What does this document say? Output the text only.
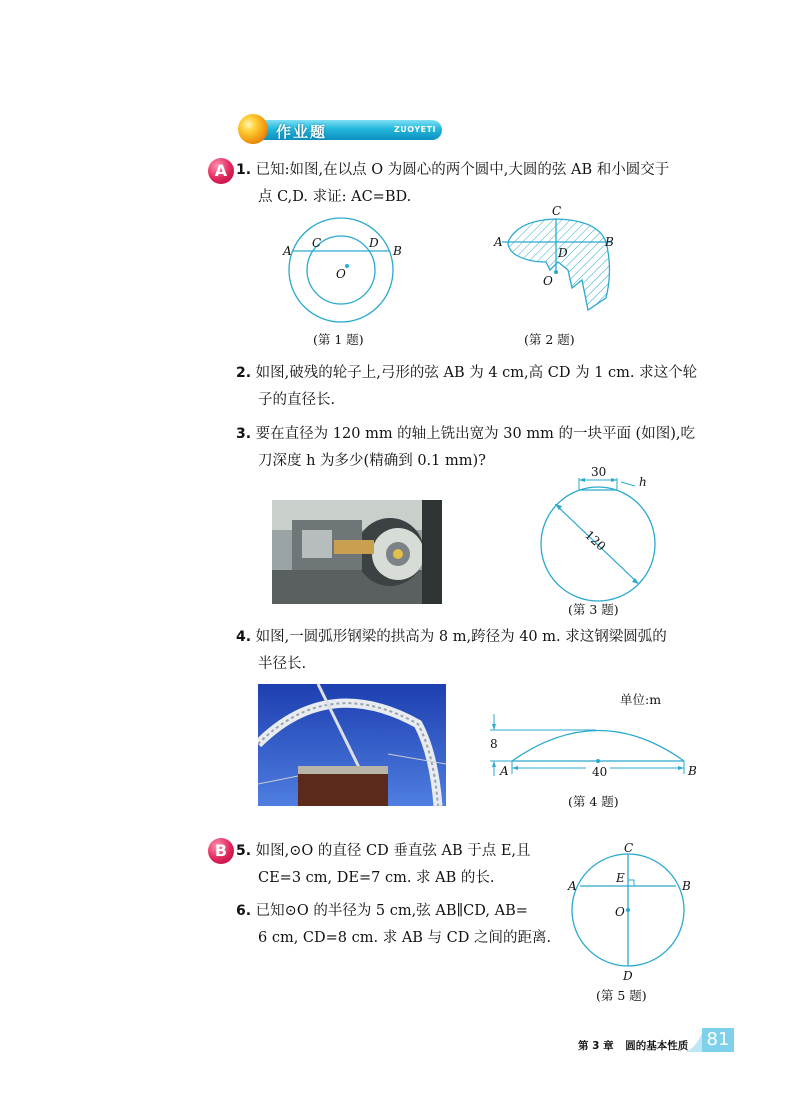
作业题	ZUOYETI
A 1. 已知:如图,在以点 O 为圆心的两个圆中,大圆的弦 AB 和小圆交于
点 C,D. 求证: AC=BD.
A	B
C	D
O
(第 1 题)
A	B
C
D
O
(第 2 题)
2. 如图,破残的轮子上,弓形的弦 AB 为 4 cm,高 CD 为 1 cm. 求这个轮
子的直径长.
3. 要在直径为 120 mm 的轴上铣出宽为 30 mm 的一块平面 (如图),吃
刀深度 h 为多少(精确到 0.1 mm)?
30
h
120
(第 3 题)
4. 如图,一圆弧形钢梁的拱高为 8 m,跨径为 40 m. 求这钢梁圆弧的
半径长.
单位:m
8
40
A	B
(第 4 题)
B 5. 如图,⊙O 的直径 CD 垂直弦 AB 于点 E,且
CE=3 cm, DE=7 cm. 求 AB 的长.
6. 已知⊙O 的半径为 5 cm,弦 AB∥CD, AB=
6 cm, CD=8 cm. 求 AB 与 CD 之间的距离.
C
A	B
E
O
D
(第 5 题)
第 3 章 圆的基本性质 81
